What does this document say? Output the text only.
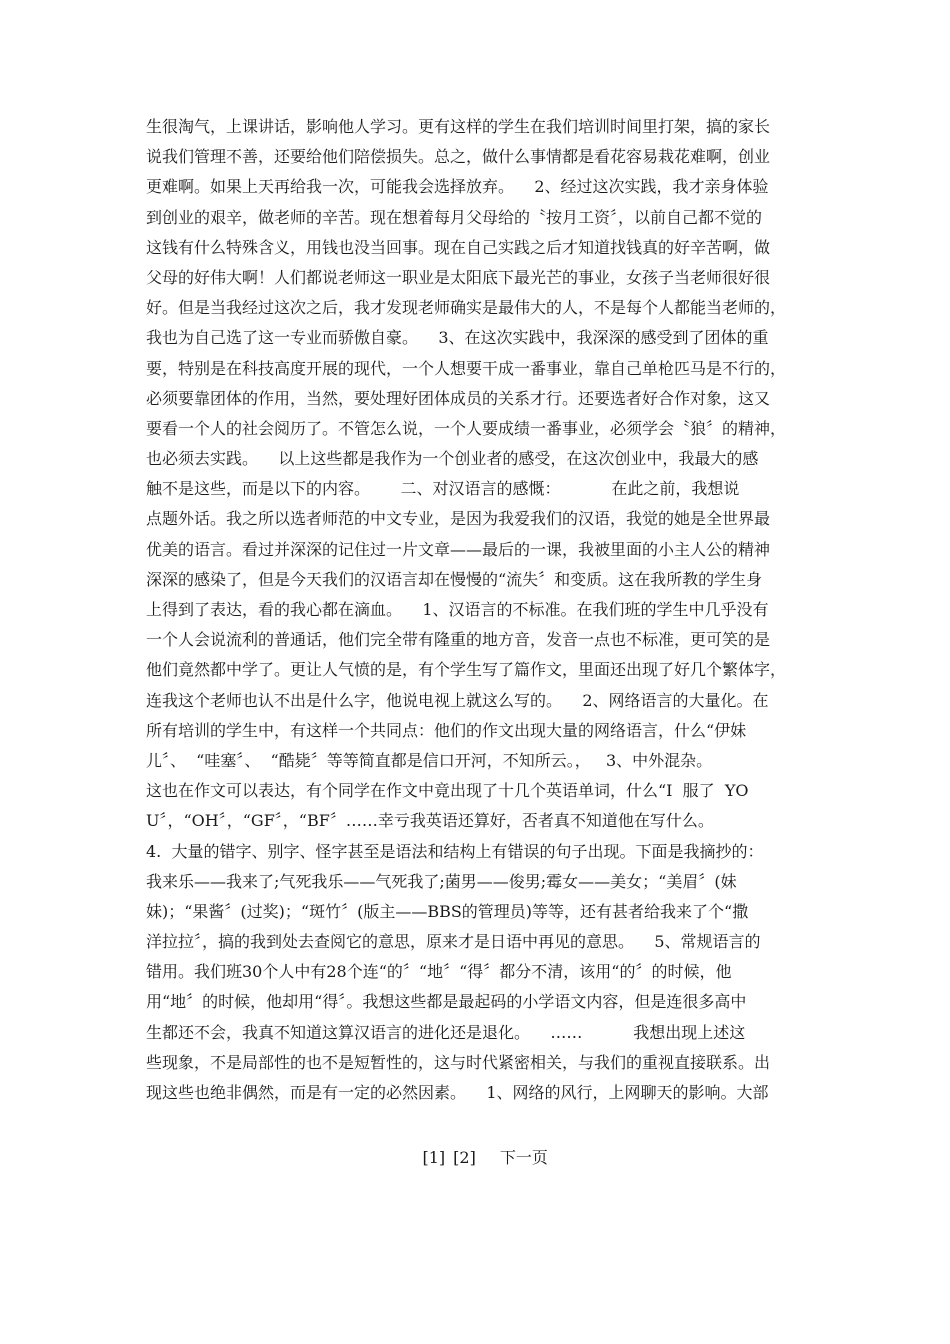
生很淘气，上课讲话，影响他人学习。更有这样的学生在我们培训时间里打架，搞的家长
说我们管理不善，还要给他们陪偿损失。总之，做什么事情都是看花容易栽花难啊，创业
更难啊。如果上天再给我一次，可能我会选择放弃。    2、经过这次实践，我才亲身体验
到创业的艰辛，做老师的辛苦。现在想着每月父母给的〝按月工资〞，以前自己都不觉的
这钱有什么特殊含义，用钱也没当回事。现在自己实践之后才知道找钱真的好辛苦啊，做
父母的好伟大啊！人们都说老师这一职业是太阳底下最光芒的事业，女孩子当老师很好很
好。但是当我经过这次之后，我才发现老师确实是最伟大的人，不是每个人都能当老师的，
我也为自己选了这一专业而骄傲自豪。    3、在这次实践中，我深深的感受到了团体的重
要，特别是在科技高度开展的现代，一个人想要干成一番事业，靠自己单枪匹马是不行的，
必须要靠团体的作用，当然，要处理好团体成员的关系才行。还要选者好合作对象，这又
要看一个人的社会阅历了。不管怎么说，一个人要成绩一番事业，必须学会〝狼〞的精神，
也必须去实践。    以上这些都是我作为一个创业者的感受，在这次创业中，我最大的感
触不是这些，而是以下的内容。      二、对汉语言的感慨：          在此之前，我想说
点题外话。我之所以选者师范的中文专业，是因为我爱我们的汉语，我觉的她是全世界最
优美的语言。看过并深深的记住过一片文章——最后的一课，我被里面的小主人公的精神
深深的感染了，但是今天我们的汉语言却在慢慢的“流失〞和变质。这在我所教的学生身
上得到了表达，看的我心都在滴血。    1、汉语言的不标准。在我们班的学生中几乎没有
一个人会说流利的普通话，他们完全带有隆重的地方音，发音一点也不标准，更可笑的是
他们竟然都中学了。更让人气愤的是，有个学生写了篇作文，里面还出现了好几个繁体字，
连我这个老师也认不出是什么字，他说电视上就这么写的。    2、网络语言的大量化。在
所有培训的学生中，有这样一个共同点：他们的作文出现大量的网络语言，什么“伊妹
儿〞、  “哇塞〞、  “酷毙〞等等简直都是信口开河，不知所云。，   3、中外混杂。
这也在作文可以表达，有个同学在作文中竟出现了十几个英语单词，什么“I  服了  YO
U〞，“OH〞，“GF〞，“BF〞……幸亏我英语还算好，否者真不知道他在写什么。
4.  大量的错字、别字、怪字甚至是语法和结构上有错误的句子出现。下面是我摘抄的：
我来乐——我来了;气死我乐——气死我了;菌男——俊男;霉女——美女；“美眉〞(妹
妹)；“果酱〞(过奖)；“斑竹〞(版主——BBS的管理员)等等，还有甚者给我来了个“撒
洋拉拉〞，搞的我到处去查阅它的意思，原来才是日语中再见的意思。    5、常规语言的
错用。我们班30个人中有28个连“的〞“地〞“得〞都分不清，该用“的〞的时候，他
用“地〞的时候，他却用“得〞。我想这些都是最起码的小学语文内容，但是连很多高中
生都还不会，我真不知道这算汉语言的进化还是退化。    ……          我想出现上述这
些现象，不是局部性的也不是短暂性的，这与时代紧密相关，与我们的重视直接联系。出
现这些也绝非偶然，而是有一定的必然因素。    1、网络的风行，上网聊天的影响。大部

[1] [2] 下一页
